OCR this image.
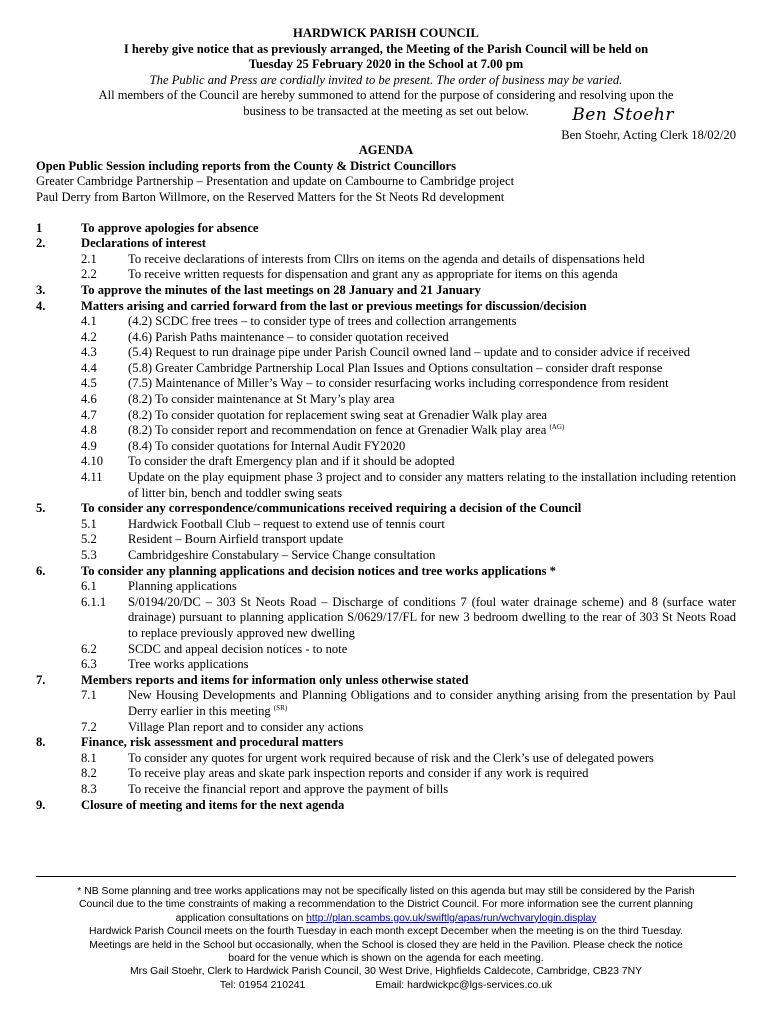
HARDWICK PARISH COUNCIL
I hereby give notice that as previously arranged, the Meeting of the Parish Council will be held on
Tuesday 25 February 2020 in the School at 7.00 pm
The Public and Press are cordially invited to be present. The order of business may be varied.
All members of the Council are hereby summoned to attend for the purpose of considering and resolving upon the
business to be transacted at the meeting as set out below.	Ben Stoehr
Ben Stoehr, Acting Clerk 18/02/20
AGENDA
Open Public Session including reports from the County & District Councillors
Greater Cambridge Partnership – Presentation and update on Cambourne to Cambridge project
Paul Derry from Barton Willmore, on the Reserved Matters for the St Neots Rd development
1	To approve apologies for absence
2.	Declarations of interest
2.1	To receive declarations of interests from Cllrs on items on the agenda and details of dispensations held
2.2	To receive written requests for dispensation and grant any as appropriate for items on this agenda
3.	To approve the minutes of the last meetings on 28 January and 21 January
4.	Matters arising and carried forward from the last or previous meetings for discussion/decision
4.1	(4.2) SCDC free trees – to consider type of trees and collection arrangements
4.2	(4.6) Parish Paths maintenance – to consider quotation received
4.3	(5.4) Request to run drainage pipe under Parish Council owned land – update and to consider advice if received
4.4	(5.8) Greater Cambridge Partnership Local Plan Issues and Options consultation – consider draft response
4.5	(7.5) Maintenance of Miller’s Way – to consider resurfacing works including correspondence from resident
4.6	(8.2) To consider maintenance at St Mary’s play area
4.7	(8.2) To consider quotation for replacement swing seat at Grenadier Walk play area
4.8	(8.2) To consider report and recommendation on fence at Grenadier Walk play area $^{(AG)}$
4.9	(8.4) To consider quotations for Internal Audit FY2020
4.10	To consider the draft Emergency plan and if it should be adopted
4.11	Update on the play equipment phase 3 project and to consider any matters relating to the installation including retention of litter bin, bench and toddler swing seats
5.	To consider any correspondence/communications received requiring a decision of the Council
5.1	Hardwick Football Club – request to extend use of tennis court
5.2	Resident – Bourn Airfield transport update
5.3	Cambridgeshire Constabulary – Service Change consultation
6.	To consider any planning applications and decision notices and tree works applications *
6.1	Planning applications
6.1.1	S/0194/20/DC – 303 St Neots Road – Discharge of conditions 7 (foul water drainage scheme) and 8 (surface water drainage) pursuant to planning application S/0629/17/FL for new 3 bedroom dwelling to the rear of 303 St Neots Road to replace previously approved new dwelling
6.2	SCDC and appeal decision notices - to note
6.3	Tree works applications
7.	Members reports and items for information only unless otherwise stated
7.1	New Housing Developments and Planning Obligations and to consider anything arising from the presentation by Paul Derry earlier in this meeting $^{(SR)}$
7.2	Village Plan report and to consider any actions
8.	Finance, risk assessment and procedural matters
8.1	To consider any quotes for urgent work required because of risk and the Clerk’s use of delegated powers
8.2	To receive play areas and skate park inspection reports and consider if any work is required
8.3	To receive the financial report and approve the payment of bills
9.	Closure of meeting and items for the next agenda
* NB Some planning and tree works applications may not be specifically listed on this agenda but may still be considered by the Parish
Council due to the time constraints of making a recommendation to the District Council. For more information see the current planning
application consultations on http://plan.scambs.gov.uk/swiftlg/apas/run/wchvarylogin.display
Hardwick Parish Council meets on the fourth Tuesday in each month except December when the meeting is on the third Tuesday.
Meetings are held in the School but occasionally, when the School is closed they are held in the Pavilion. Please check the notice
board for the venue which is shown on the agenda for each meeting.
Mrs Gail Stoehr, Clerk to Hardwick Parish Council, 30 West Drive, Highfields Caldecote, Cambridge, CB23 7NY
Tel: 01954 210241	Email: hardwickpc@lgs-services.co.uk
